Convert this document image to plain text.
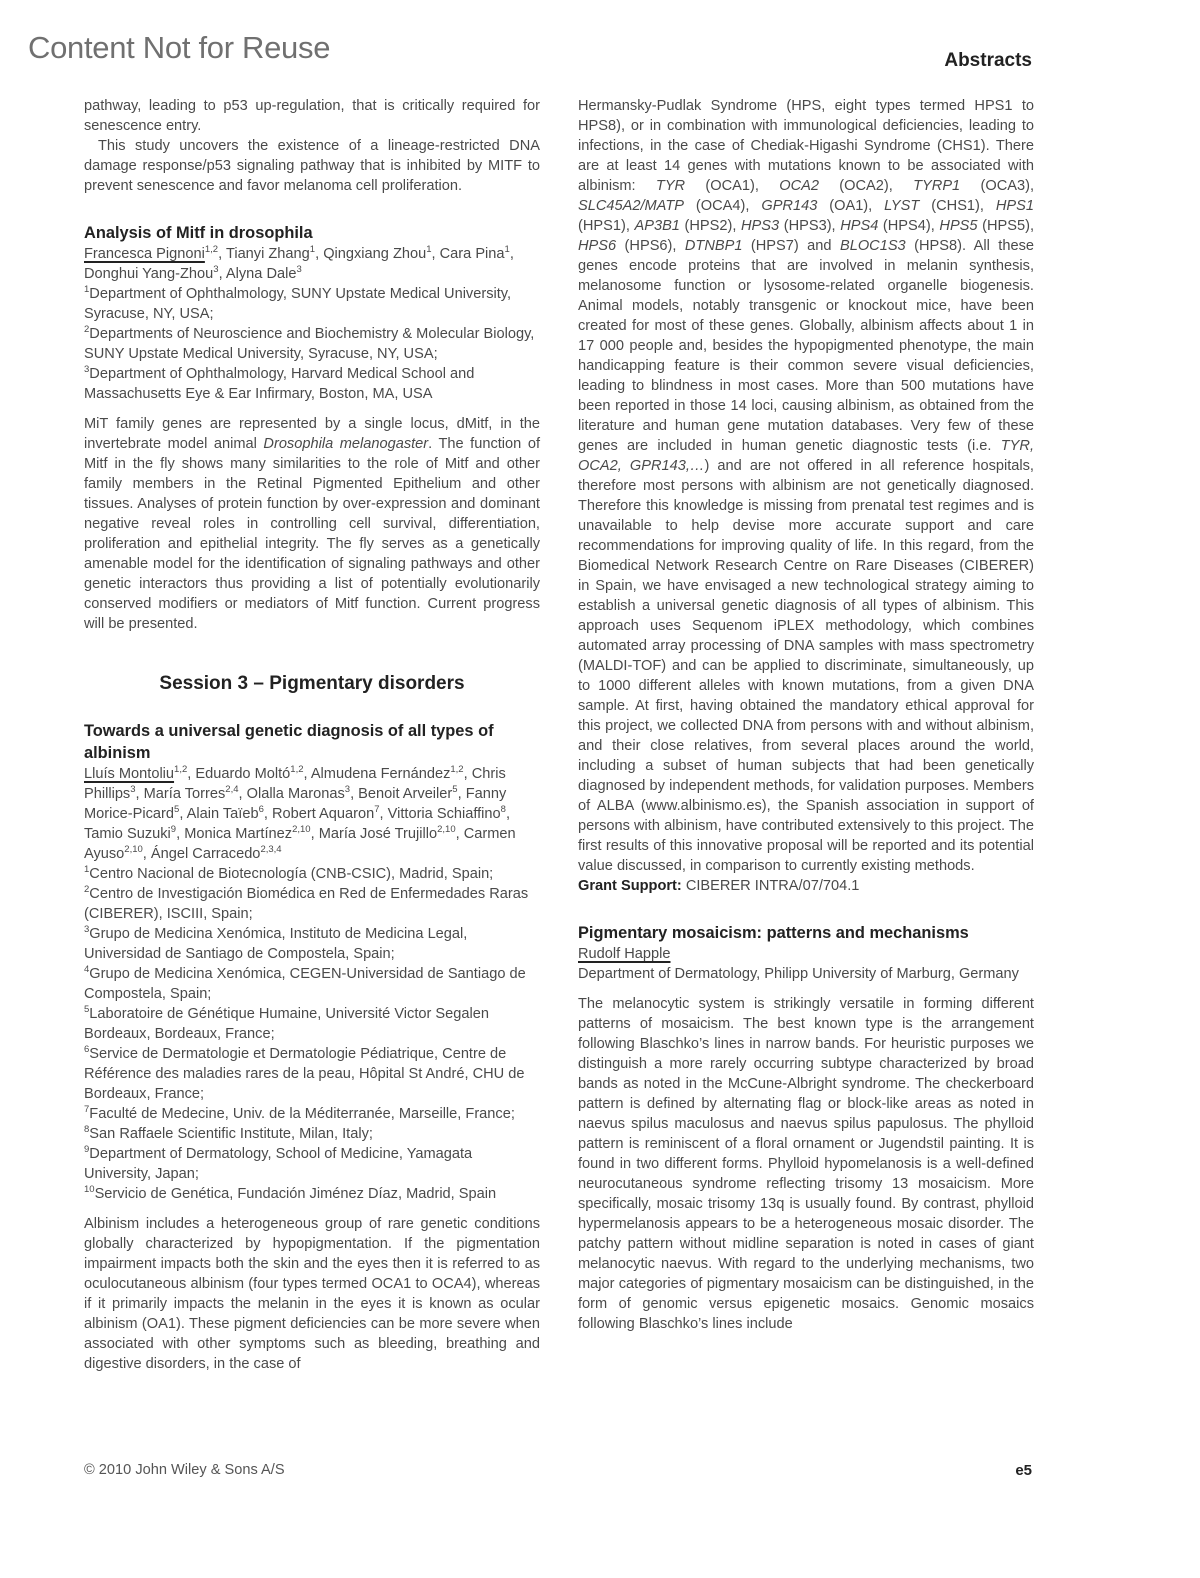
Content Not for Reuse	Abstracts

pathway, leading to p53 up-regulation, that is critically required for senescence entry.

This study uncovers the existence of a lineage-restricted DNA damage response/p53 signaling pathway that is inhibited by MITF to prevent senescence and favor melanoma cell proliferation.

Analysis of Mitf in drosophila

Francesca Pignoni$^{1,2}$, Tianyi Zhang$^1$, Qingxiang Zhou$^1$, Cara Pina$^1$, Donghui Yang-Zhou$^3$, Alyna Dale$^3$

$^1$Department of Ophthalmology, SUNY Upstate Medical University, Syracuse, NY, USA;
$^2$Departments of Neuroscience and Biochemistry & Molecular Biology, SUNY Upstate Medical University, Syracuse, NY, USA;
$^3$Department of Ophthalmology, Harvard Medical School and Massachusetts Eye & Ear Infirmary, Boston, MA, USA

MiT family genes are represented by a single locus, dMitf, in the invertebrate model animal Drosophila melanogaster. The function of Mitf in the fly shows many similarities to the role of Mitf and other family members in the Retinal Pigmented Epithelium and other tissues. Analyses of protein function by over-expression and dominant negative reveal roles in controlling cell survival, differentiation, proliferation and epithelial integrity. The fly serves as a genetically amenable model for the identification of signaling pathways and other genetic interactors thus providing a list of potentially evolutionarily conserved modifiers or mediators of Mitf function. Current progress will be presented.

Session 3 – Pigmentary disorders
Towards a universal genetic diagnosis of all types of albinism

Lluís Montoliu$^{1,2}$, Eduardo Moltó$^{1,2}$, Almudena Fernández$^{1,2}$, Chris Phillips$^3$, María Torres$^{2,4}$, Olalla Maronas$^3$, Benoit Arveiler$^5$, Fanny Morice-Picard$^5$, Alain Taïeb$^6$, Robert Aquaron$^7$, Vittoria Schiaffino$^8$, Tamio Suzuki$^9$, Monica Martínez$^{2,10}$, María José Trujillo$^{2,10}$, Carmen Ayuso$^{2,10}$, Ángel Carracedo$^{2,3,4}$

$^1$Centro Nacional de Biotecnología (CNB-CSIC), Madrid, Spain;
$^2$Centro de Investigación Biomédica en Red de Enfermedades Raras (CIBERER), ISCIII, Spain;
$^3$Grupo de Medicina Xenómica, Instituto de Medicina Legal, Universidad de Santiago de Compostela, Spain;
$^4$Grupo de Medicina Xenómica, CEGEN-Universidad de Santiago de Compostela, Spain;
$^5$Laboratoire de Génétique Humaine, Université Victor Segalen Bordeaux, Bordeaux, France;
$^6$Service de Dermatologie et Dermatologie Pédiatrique, Centre de Référence des maladies rares de la peau, Hôpital St André, CHU de Bordeaux, France;
$^7$Faculté de Medecine, Univ. de la Méditerranée, Marseille, France;
$^8$San Raffaele Scientific Institute, Milan, Italy;
$^9$Department of Dermatology, School of Medicine, Yamagata University, Japan;
$^{10}$Servicio de Genética, Fundación Jiménez Díaz, Madrid, Spain

Albinism includes a heterogeneous group of rare genetic conditions globally characterized by hypopigmentation. If the pigmentation impairment impacts both the skin and the eyes then it is referred to as oculocutaneous albinism (four types termed OCA1 to OCA4), whereas if it primarily impacts the melanin in the eyes it is known as ocular albinism (OA1). These pigment deficiencies can be more severe when associated with other symptoms such as bleeding, breathing and digestive disorders, in the case of

Hermansky-Pudlak Syndrome (HPS, eight types termed HPS1 to HPS8), or in combination with immunological deficiencies, leading to infections, in the case of Chediak-Higashi Syndrome (CHS1). There are at least 14 genes with mutations known to be associated with albinism: TYR (OCA1), OCA2 (OCA2), TYRP1 (OCA3), SLC45A2/MATP (OCA4), GPR143 (OA1), LYST (CHS1), HPS1 (HPS1), AP3B1 (HPS2), HPS3 (HPS3), HPS4 (HPS4), HPS5 (HPS5), HPS6 (HPS6), DTNBP1 (HPS7) and BLOC1S3 (HPS8). All these genes encode proteins that are involved in melanin synthesis, melanosome function or lysosome-related organelle biogenesis. Animal models, notably transgenic or knockout mice, have been created for most of these genes. Globally, albinism affects about 1 in 17 000 people and, besides the hypopigmented phenotype, the main handicapping feature is their common severe visual deficiencies, leading to blindness in most cases. More than 500 mutations have been reported in those 14 loci, causing albinism, as obtained from the literature and human gene mutation databases. Very few of these genes are included in human genetic diagnostic tests (i.e. TYR, OCA2, GPR143,…) and are not offered in all reference hospitals, therefore most persons with albinism are not genetically diagnosed. Therefore this knowledge is missing from prenatal test regimes and is unavailable to help devise more accurate support and care recommendations for improving quality of life. In this regard, from the Biomedical Network Research Centre on Rare Diseases (CIBERER) in Spain, we have envisaged a new technological strategy aiming to establish a universal genetic diagnosis of all types of albinism. This approach uses Sequenom iPLEX methodology, which combines automated array processing of DNA samples with mass spectrometry (MALDI-TOF) and can be applied to discriminate, simultaneously, up to 1000 different alleles with known mutations, from a given DNA sample. At first, having obtained the mandatory ethical approval for this project, we collected DNA from persons with and without albinism, and their close relatives, from several places around the world, including a subset of human subjects that had been genetically diagnosed by independent methods, for validation purposes. Members of ALBA (www.albinismo.es), the Spanish association in support of persons with albinism, have contributed extensively to this project. The first results of this innovative proposal will be reported and its potential value discussed, in comparison to currently existing methods.

Grant Support: CIBERER INTRA/07/704.1

Pigmentary mosaicism: patterns and mechanisms

Rudolf Happle

Department of Dermatology, Philipp University of Marburg, Germany

The melanocytic system is strikingly versatile in forming different patterns of mosaicism. The best known type is the arrangement following Blaschko’s lines in narrow bands. For heuristic purposes we distinguish a more rarely occurring subtype characterized by broad bands as noted in the McCune-Albright syndrome. The checkerboard pattern is defined by alternating flag or block-like areas as noted in naevus spilus maculosus and naevus spilus papulosus. The phylloid pattern is reminiscent of a floral ornament or Jugendstil painting. It is found in two different forms. Phylloid hypomelanosis is a well-defined neurocutaneous syndrome reflecting trisomy 13 mosaicism. More specifically, mosaic trisomy 13q is usually found. By contrast, phylloid hypermelanosis appears to be a heterogeneous mosaic disorder. The patchy pattern without midline separation is noted in cases of giant melanocytic naevus. With regard to the underlying mechanisms, two major categories of pigmentary mosaicism can be distinguished, in the form of genomic versus epigenetic mosaics. Genomic mosaics following Blaschko’s lines include

© 2010 John Wiley & Sons A/S	e5
